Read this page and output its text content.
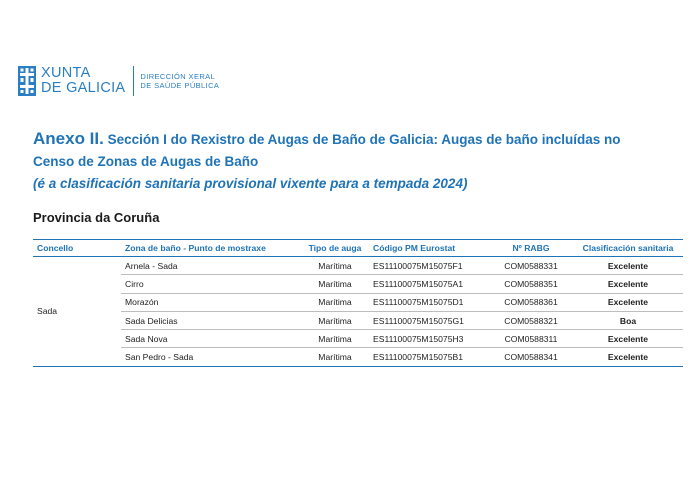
XUNTA
DE GALICIA
DIRECCIÓN XERAL
DE SAÚDE PÚBLICA
Anexo II. Sección I do Rexistro de Augas de Baño de Galicia: Augas de baño incluídas no
Censo de Zonas de Augas de Baño
(é a clasificación sanitaria provisional vixente para a tempada 2024)
Provincia da Coruña
Concello	Zona de baño - Punto de mostraxe	Tipo de auga	Código PM Eurostat	Nº RABG	Clasificación sanitaria
Sada	Arnela - Sada	Marítima	ES11100075M15075F1	COM0588331	Excelente
	Cirro	Marítima	ES11100075M15075A1	COM0588351	Excelente
	Morazón	Marítima	ES11100075M15075D1	COM0588361	Excelente
	Sada Delicias	Marítima	ES11100075M15075G1	COM0588321	Boa
	Sada Nova	Marítima	ES11100075M15075H3	COM0588311	Excelente
	San Pedro - Sada	Marítima	ES11100075M15075B1	COM0588341	Excelente
